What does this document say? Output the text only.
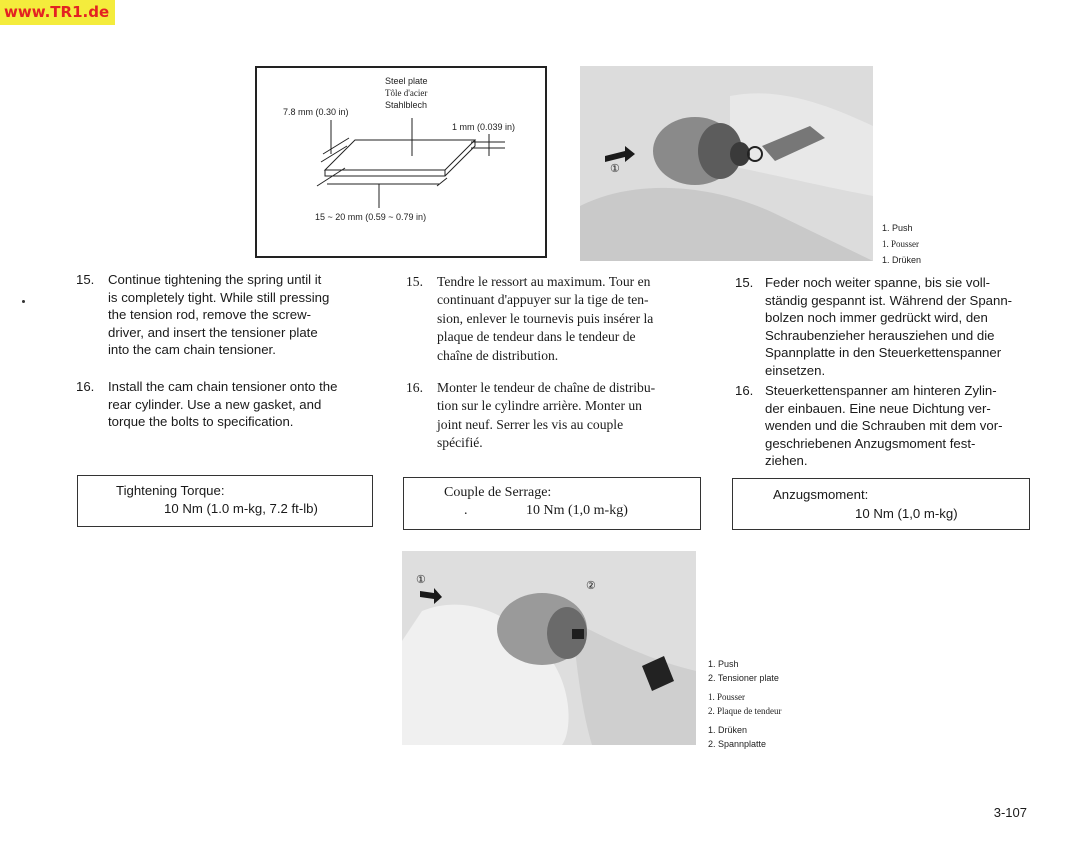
www.TR1.de
Steel plate
Tôle d'acier
Stahlblech
7.8 mm (0.30 in)
1 mm (0.039 in)
15 ~ 20 mm (0.59 ~ 0.79 in)
①
1. Push
1. Pousser
1. Drüken
15. Continue tightening the spring until it
is completely tight. While still pressing
the tension rod, remove the screw-
driver, and insert the tensioner plate
into the cam chain tensioner.
16. Install the cam chain tensioner onto the
rear cylinder. Use a new gasket, and
torque the bolts to specification.
15. Tendre le ressort au maximum. Tour en
continuant d'appuyer sur la tige de ten-
sion, enlever le tournevis puis insérer la
plaque de tendeur dans le tendeur de
chaîne de distribution.
16. Monter le tendeur de chaîne de distribu-
tion sur le cylindre arrière. Monter un
joint neuf. Serrer les vis au couple
spécifié.
15. Feder noch weiter spanne, bis sie voll-
ständig gespannt ist. Während der Spann-
bolzen noch immer gedrückt wird, den
Schraubenzieher herausziehen und die
Spannplatte in den Steuerkettenspanner
einsetzen.
16. Steuerkettenspanner am hinteren Zylin-
der einbauen. Eine neue Dichtung ver-
wenden und die Schrauben mit dem vor-
geschriebenen Anzugsmoment fest-
ziehen.
Tightening Torque:
10 Nm (1.0 m-kg, 7.2 ft-lb)
Couple de Serrage:
.	10 Nm (1,0 m-kg)
Anzugsmoment:
10 Nm (1,0 m-kg)
①	②
1. Push
2. Tensioner plate
1. Pousser
2. Plaque de tendeur
1. Drüken
2. Spannplatte
3-107
